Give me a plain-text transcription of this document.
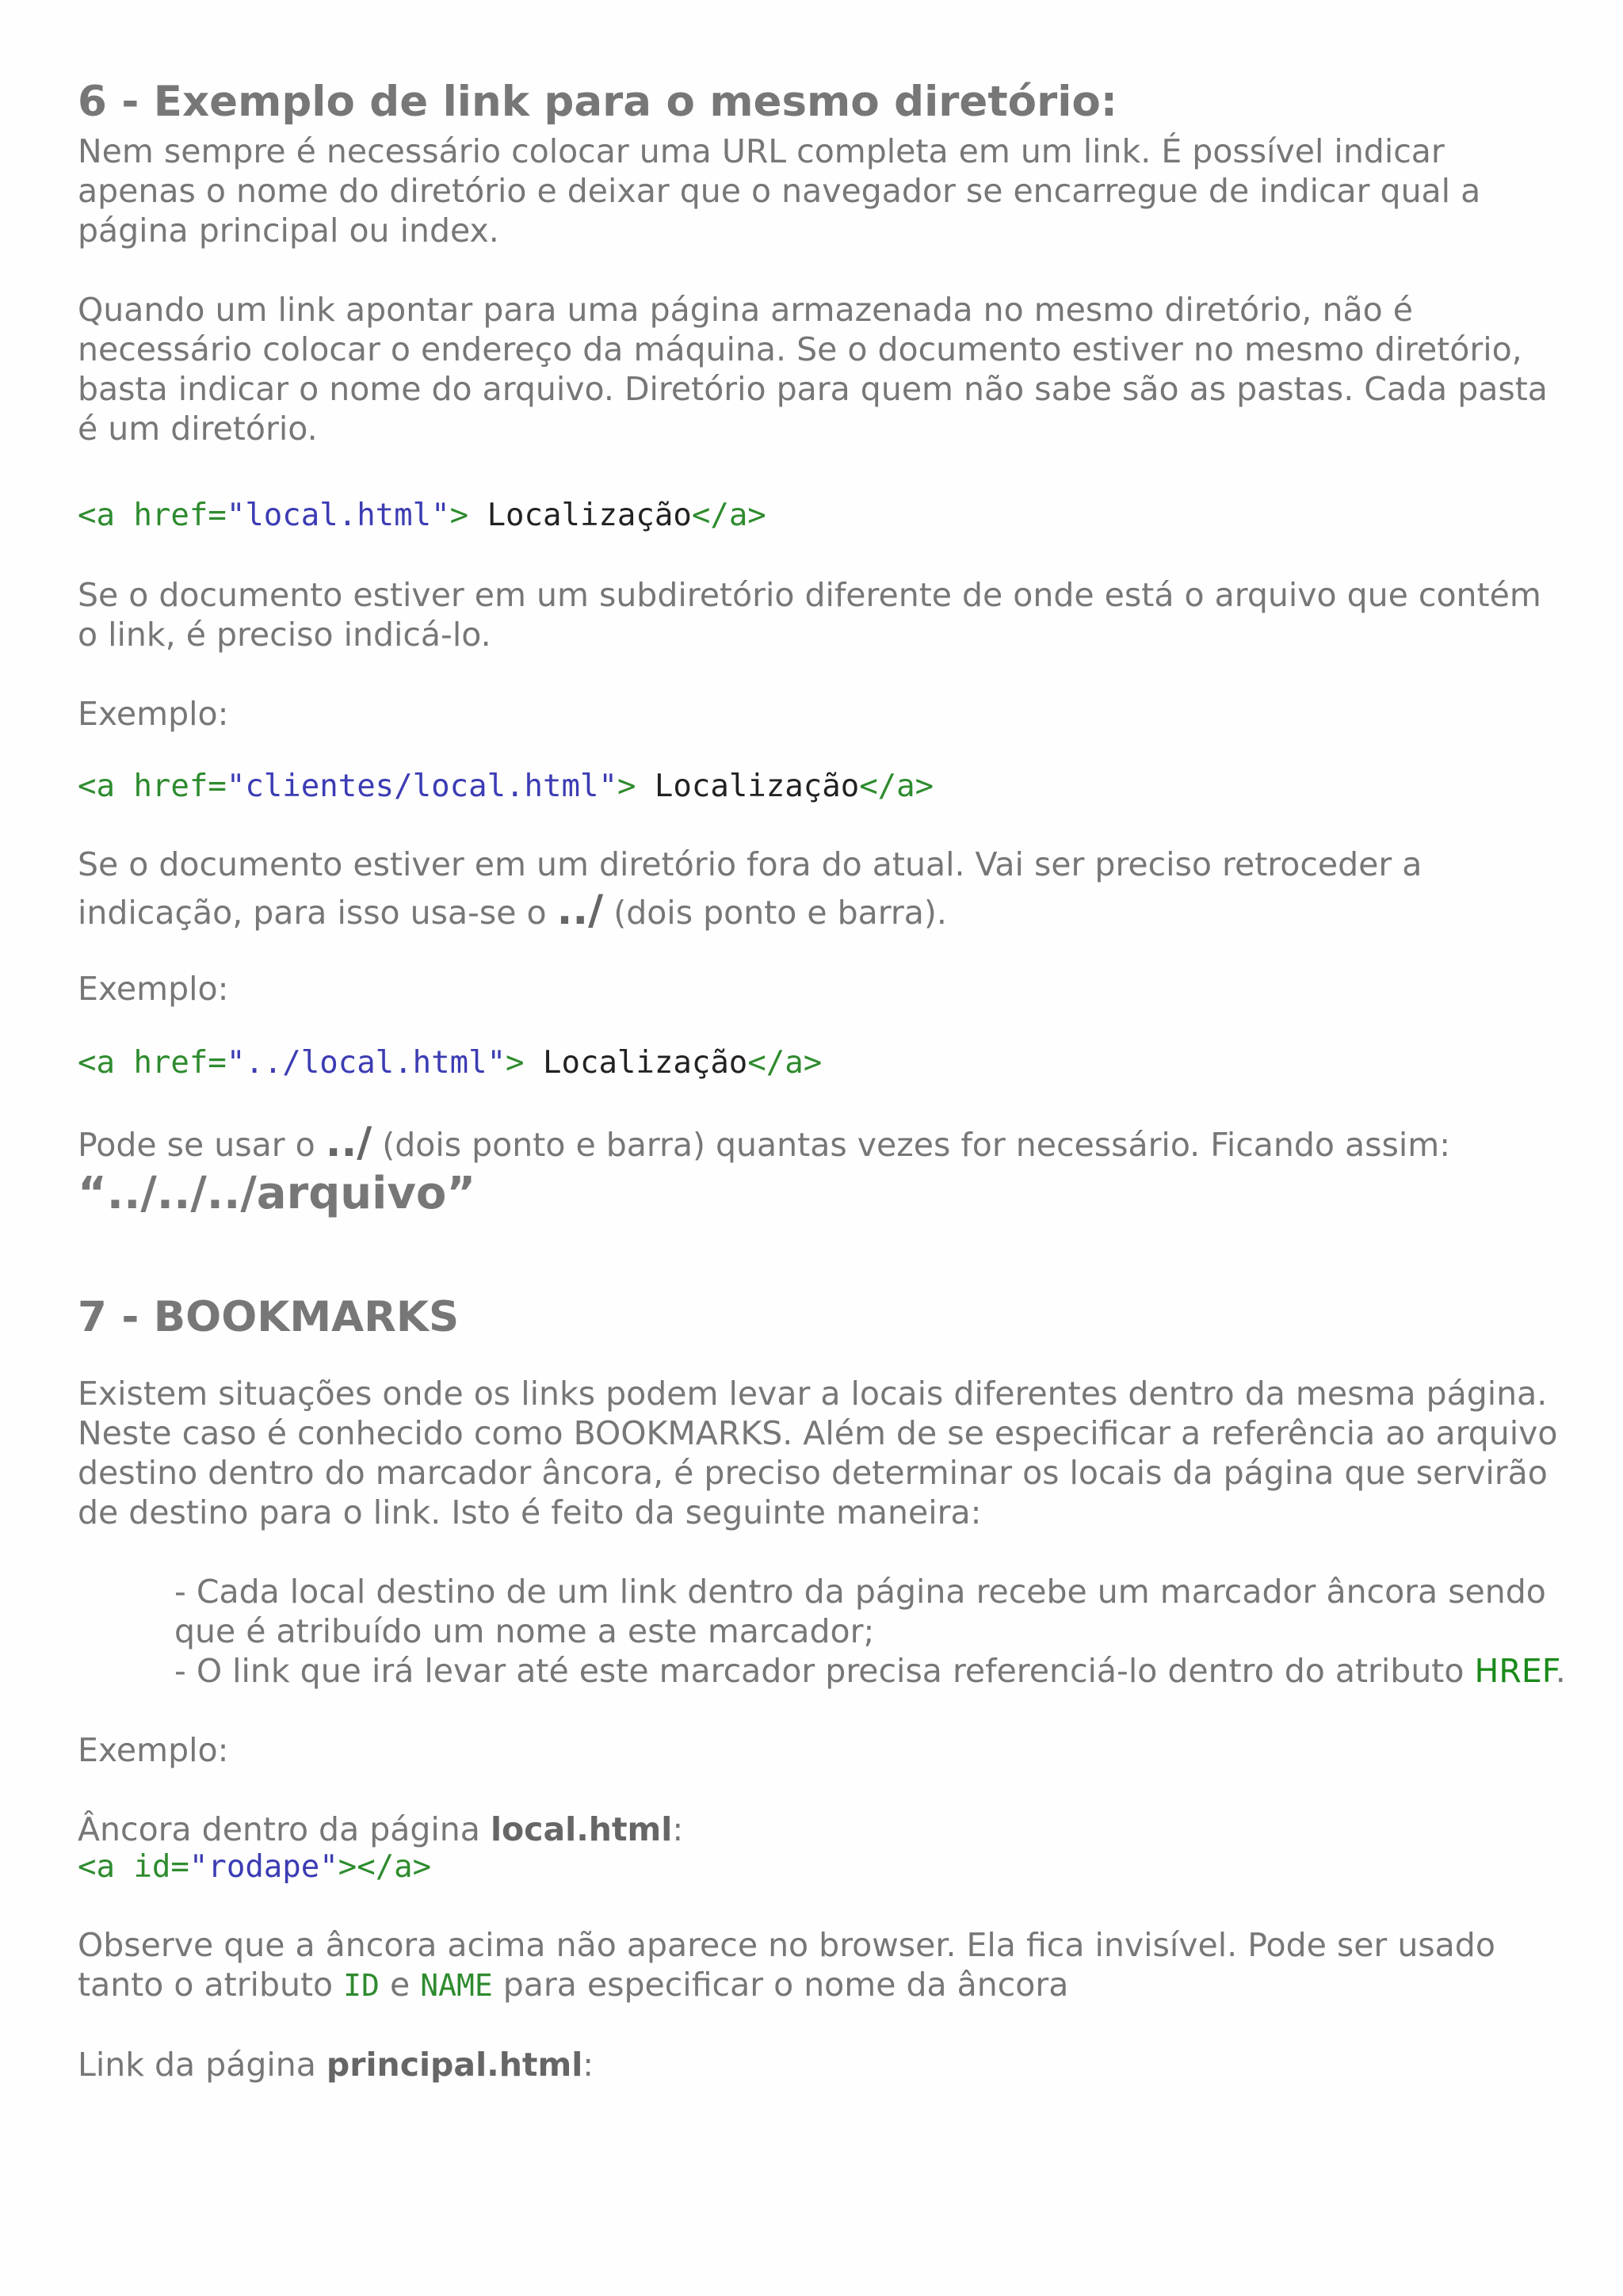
6 - Exemplo de link para o mesmo diretório:

Nem sempre é necessário colocar uma URL completa em um link. É possível indicar apenas o nome do diretório e deixar que o navegador se encarregue de indicar qual a página principal ou index.

Quando um link apontar para uma página armazenada no mesmo diretório, não é necessário colocar o endereço da máquina. Se o documento estiver no mesmo diretório, basta indicar o nome do arquivo. Diretório para quem não sabe são as pastas. Cada pasta é um diretório.

<a href="local.html"> Localização</a>

Se o documento estiver em um subdiretório diferente de onde está o arquivo que contém o link, é preciso indicá-lo.

Exemplo:

<a href="clientes/local.html"> Localização</a>

Se o documento estiver em um diretório fora do atual. Vai ser preciso retroceder a indicação, para isso usa-se o ../ (dois ponto e barra).

Exemplo:

<a href="../local.html"> Localização</a>

Pode se usar o ../ (dois ponto e barra) quantas vezes for necessário. Ficando assim:

“../../../arquivo”

7 - BOOKMARKS

Existem situações onde os links podem levar a locais diferentes dentro da mesma página. Neste caso é conhecido como BOOKMARKS. Além de se especificar a referência ao arquivo destino dentro do marcador âncora, é preciso determinar os locais da página que servirão de destino para o link. Isto é feito da seguinte maneira:

- Cada local destino de um link dentro da página recebe um marcador âncora sendo que é atribuído um nome a este marcador;

- O link que irá levar até este marcador precisa referenciá-lo dentro do atributo HREF.

Exemplo:

Âncora dentro da página local.html:

<a id="rodape"></a>

Observe que a âncora acima não aparece no browser. Ela fica invisível. Pode ser usado tanto o atributo ID e NAME para especificar o nome da âncora

Link da página principal.html:
